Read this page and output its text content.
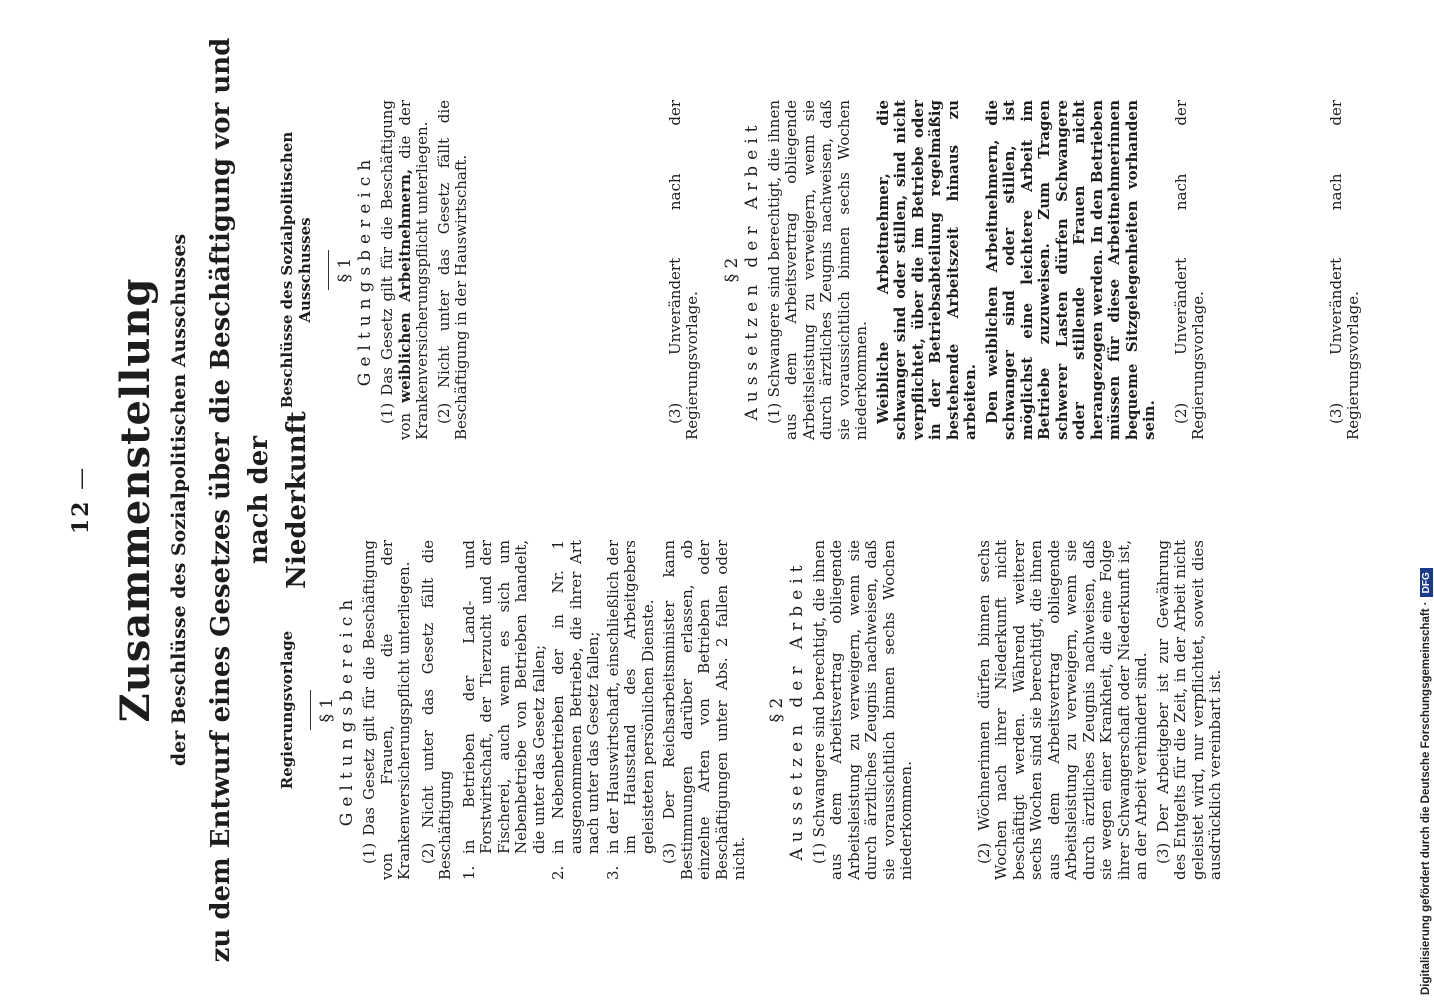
12 — Zusammenstellung der Beschlüsse des Sozialpolitischen Ausschusses zu dem Entwurf eines Gesetzes über die Beschäftigung vor und nach der Niederkunft
Regierungsvorlage § 1 Geltungsbereich (1) Das Gesetz gilt für die Beschäftigung von Frauen, die der Krankenversicherungspflicht unterliegen. (2) Nicht unter das Gesetz fällt die Beschäftigung 1.
in Betrieben der Land- und Forstwirtschaft, der Tierzucht und der Fischerei, auch wenn es sich um Nebenbetriebe von Betrieben handelt, die unter das Gesetz fallen;
2.
in Nebenbetrieben der in Nr. 1 ausgenommenen Betriebe, die ihrer Art nach unter das Gesetz fallen;
3.
in der Hauswirtschaft, einschließlich der im Hausstand des Arbeitgebers geleisteten persönlichen Dienste. (3) Der Reichsarbeitsminister kann Bestimmungen darüber erlassen, ob einzelne Arten von Betrieben oder Beschäftigungen unter Abs. 2 fallen oder nicht.

§ 2 Aussetzen der Arbeit (1) Schwangere sind berechtigt, die ihnen aus dem Arbeitsvertrag obliegende Arbeitsleistung zu verweigern, wenn sie durch ärztliches Zeugnis nachweisen, daß sie voraussichtlich binnen sechs Wochen niederkommen.	(2) Wöchnerinnen dürfen binnen sechs Wochen nach ihrer Niederkunft nicht beschäftigt werden. Während weiterer sechs Wochen sind sie berechtigt, die ihnen aus dem Arbeitsvertrag obliegende Arbeitsleistung zu verweigern, wenn sie durch ärztliches Zeugnis nachweisen, daß sie wegen einer Krankheit, die eine Folge ihrer Schwangerschaft oder Niederkunft ist, an der Arbeit verhindert sind. (3) Der Arbeitgeber ist zur Gewährung des Entgelts für die Zeit, in der Arbeit nicht geleistet wird, nur verpflichtet, soweit dies ausdrücklich vereinbart ist.

Beschlüsse des Sozialpolitischen Ausschusses § 1 Geltungsbereich (1) Das Gesetz gilt für die Beschäftigung von weiblichen Arbeitnehmern, die der Krankenversicherungspflicht unterliegen. (2) Nicht unter das Gesetz fällt die Beschäftigung in der Hauswirtschaft.	(3) Unverändert nach der Regierungsvorlage.

§ 2 Aussetzen der Arbeit (1) Schwangere sind berechtigt, die ihnen aus dem Arbeitsvertrag obliegende Arbeitsleistung zu verweigern, wenn sie durch ärztliches Zeugnis nachweisen, daß sie voraussichtlich binnen sechs Wochen niederkommen. Weibliche Arbeitnehmer, die schwanger sind oder stillen, sind nicht verpflichtet, über die im Betriebe oder in der Betriebsabteilung regelmäßig bestehende Arbeitszeit hinaus zu arbeiten. Den weiblichen Arbeitnehmern, die schwanger sind oder stillen, ist möglichst eine leichtere Arbeit im Betriebe zuzuweisen. Zum Tragen schwerer Lasten dürfen Schwangere oder stillende Frauen nicht herangezogen werden. In den Betrieben müssen für diese Arbeitnehmerinnen bequeme Sitzgelegenheiten vorhanden sein. (2) Unverändert nach der Regierungsvorlage.	(3) Unverändert nach der Regierungsvorlage.

Digitalisierung gefördert durch die Deutsche Forschungsgemeinschaft ·DFG
